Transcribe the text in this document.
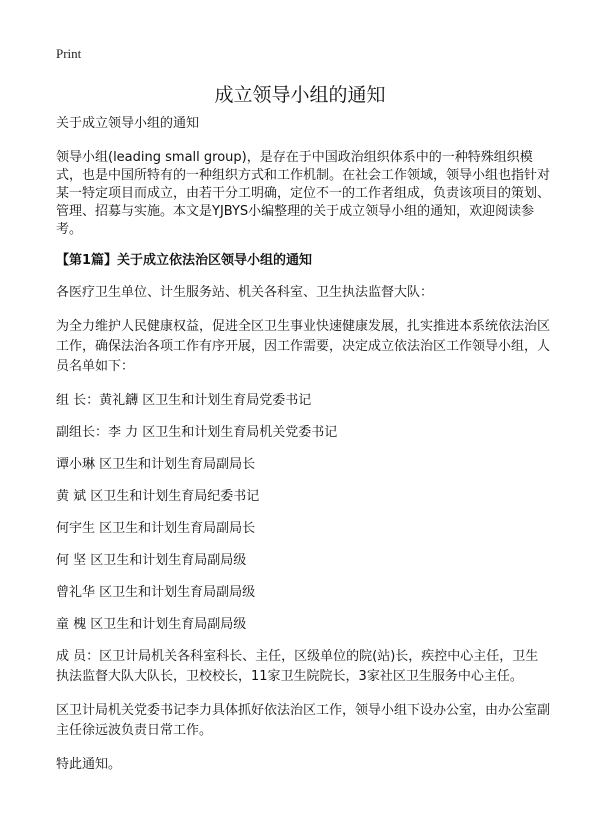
Print
成立领导小组的通知

关于成立领导小组的通知

领导小组(leading small group)，是存在于中国政治组织体系中的一种特殊组织模式，也是中国所特有的一种组织方式和工作机制。在社会工作领域，领导小组也指针对某一特定项目而成立，由若干分工明确，定位不一的工作者组成，负责该项目的策划、管理、招募与实施。本文是YJBYS小编整理的关于成立领导小组的通知，欢迎阅读参考。

【第1篇】关于成立依法治区领导小组的通知

各医疗卫生单位、计生服务站、机关各科室、卫生执法监督大队：

为全力维护人民健康权益，促进全区卫生事业快速健康发展，扎实推进本系统依法治区工作，确保法治各项工作有序开展，因工作需要，决定成立依法治区工作领导小组，人员名单如下：

组 长：黄礼鑮 区卫生和计划生育局党委书记

副组长：李 力 区卫生和计划生育局机关党委书记

谭小琳 区卫生和计划生育局副局长

黄 斌 区卫生和计划生育局纪委书记

何宇生 区卫生和计划生育局副局长

何 坚 区卫生和计划生育局副局级

曾礼华 区卫生和计划生育局副局级

童 槐 区卫生和计划生育局副局级

成 员：区卫计局机关各科室科长、主任，区级单位的院(站)长，疾控中心主任，卫生执法监督大队大队长，卫校校长，11家卫生院院长，3家社区卫生服务中心主任。

区卫计局机关党委书记李力具体抓好依法治区工作，领导小组下设办公室，由办公室副主任徐远波负责日常工作。

特此通知。
